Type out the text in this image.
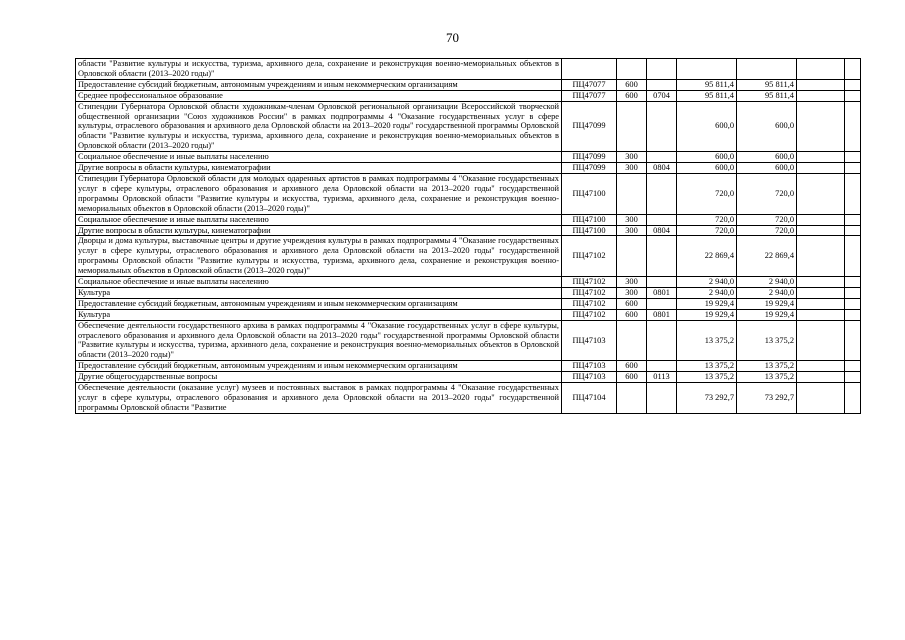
70
области "Развитие культуры и искусства, туризма, архивного дела, сохранение и реконструкция военно-мемориальных объектов в Орловской области (2013–2020 годы)"							
Предоставление субсидий бюджетным, автономным учреждениям и иным некоммерческим организациям	ПЦ47077	600		95 811,4	95 811,4		
Среднее профессиональное образование	ПЦ47077	600	0704	95 811,4	95 811,4		
Стипендии Губернатора Орловской области художникам-членам Орловской региональной организации Всероссийской творческой общественной организации "Союз художников России" в рамках подпрограммы 4 "Оказание государственных услуг в сфере культуры, отраслевого образования и архивного дела Орловской области на 2013–2020 годы" государственной программы Орловской области "Развитие культуры и искусства, туризма, архивного дела, сохранение и реконструкция военно-мемориальных объектов в Орловской области (2013–2020 годы)"	ПЦ47099			600,0	600,0		
Социальное обеспечение и иные выплаты населению	ПЦ47099	300		600,0	600,0		
Другие вопросы в области культуры, кинематографии	ПЦ47099	300	0804	600,0	600,0		
Стипендии Губернатора Орловской области для молодых одаренных артистов в рамках подпрограммы 4 "Оказание государственных услуг в сфере культуры, отраслевого образования и архивного дела Орловской области на 2013–2020 годы" государственной программы Орловской области "Развитие культуры и искусства, туризма, архивного дела, сохранение и реконструкция военно-мемориальных объектов в Орловской области (2013–2020 годы)"	ПЦ47100			720,0	720,0		
Социальное обеспечение и иные выплаты населению	ПЦ47100	300		720,0	720,0		
Другие вопросы в области культуры, кинематографии	ПЦ47100	300	0804	720,0	720,0		
Дворцы и дома культуры, выставочные центры и другие учреждения культуры в рамках подпрограммы 4 "Оказание государственных услуг в сфере культуры, отраслевого образования и архивного дела Орловской области на 2013–2020 годы" государственной программы Орловской области "Развитие культуры и искусства, туризма, архивного дела, сохранение и реконструкция военно-мемориальных объектов в Орловской области (2013–2020 годы)"	ПЦ47102			22 869,4	22 869,4		
Социальное обеспечение и иные выплаты населению	ПЦ47102	300		2 940,0	2 940,0		
Культура	ПЦ47102	300	0801	2 940,0	2 940,0		
Предоставление субсидий бюджетным, автономным учреждениям и иным некоммерческим организациям	ПЦ47102	600		19 929,4	19 929,4		
Культура	ПЦ47102	600	0801	19 929,4	19 929,4		
Обеспечение деятельности государственного архива в рамках подпрограммы 4 "Оказание государственных услуг в сфере культуры, отраслевого образования и архивного дела Орловской области на 2013–2020 годы" государственной программы Орловской области "Развитие культуры и искусства, туризма, архивного дела, сохранение и реконструкция военно-мемориальных объектов в Орловской области (2013–2020 годы)"	ПЦ47103			13 375,2	13 375,2		
Предоставление субсидий бюджетным, автономным учреждениям и иным некоммерческим организациям	ПЦ47103	600		13 375,2	13 375,2		
Другие общегосударственные вопросы	ПЦ47103	600	0113	13 375,2	13 375,2		
Обеспечение деятельности (оказание услуг) музеев и постоянных выставок в рамках подпрограммы 4 "Оказание государственных услуг в сфере культуры, отраслевого образования и архивного дела Орловской области на 2013–2020 годы" государственной программы Орловской области "Развитие	ПЦ47104			73 292,7	73 292,7		
